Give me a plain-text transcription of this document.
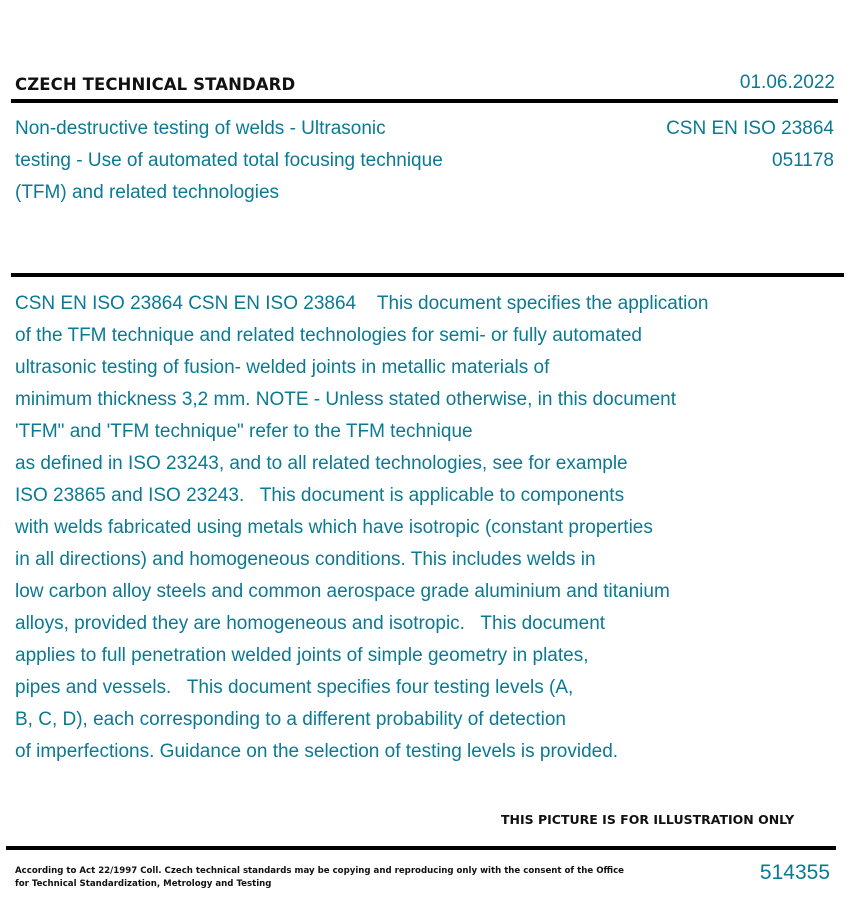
CZECH TECHNICAL STANDARD	01.06.2022
Non-destructive testing of welds - Ultrasonic
testing - Use of automated total focusing technique
(TFM) and related technologies
CSN EN ISO 23864
051178
CSN EN ISO 23864 CSN EN ISO 23864    This document specifies the application
of the TFM technique and related technologies for semi- or fully automated
ultrasonic testing of fusion- welded joints in metallic materials of
minimum thickness 3,2 mm. NOTE - Unless stated otherwise, in this document
'TFM" and 'TFM technique" refer to the TFM technique
as defined in ISO 23243, and to all related technologies, see for example
ISO 23865 and ISO 23243.   This document is applicable to components
with welds fabricated using metals which have isotropic (constant properties
in all directions) and homogeneous conditions. This includes welds in
low carbon alloy steels and common aerospace grade aluminium and titanium
alloys, provided they are homogeneous and isotropic.   This document
applies to full penetration welded joints of simple geometry in plates,
pipes and vessels.   This document specifies four testing levels (A,
B, C, D), each corresponding to a different probability of detection
of imperfections. Guidance on the selection of testing levels is provided.
THIS PICTURE IS FOR ILLUSTRATION ONLY
According to Act 22/1997 Coll. Czech technical standards may be copying and reproducing only with the consent of the Office
for Technical Standardization, Metrology and Testing	514355
